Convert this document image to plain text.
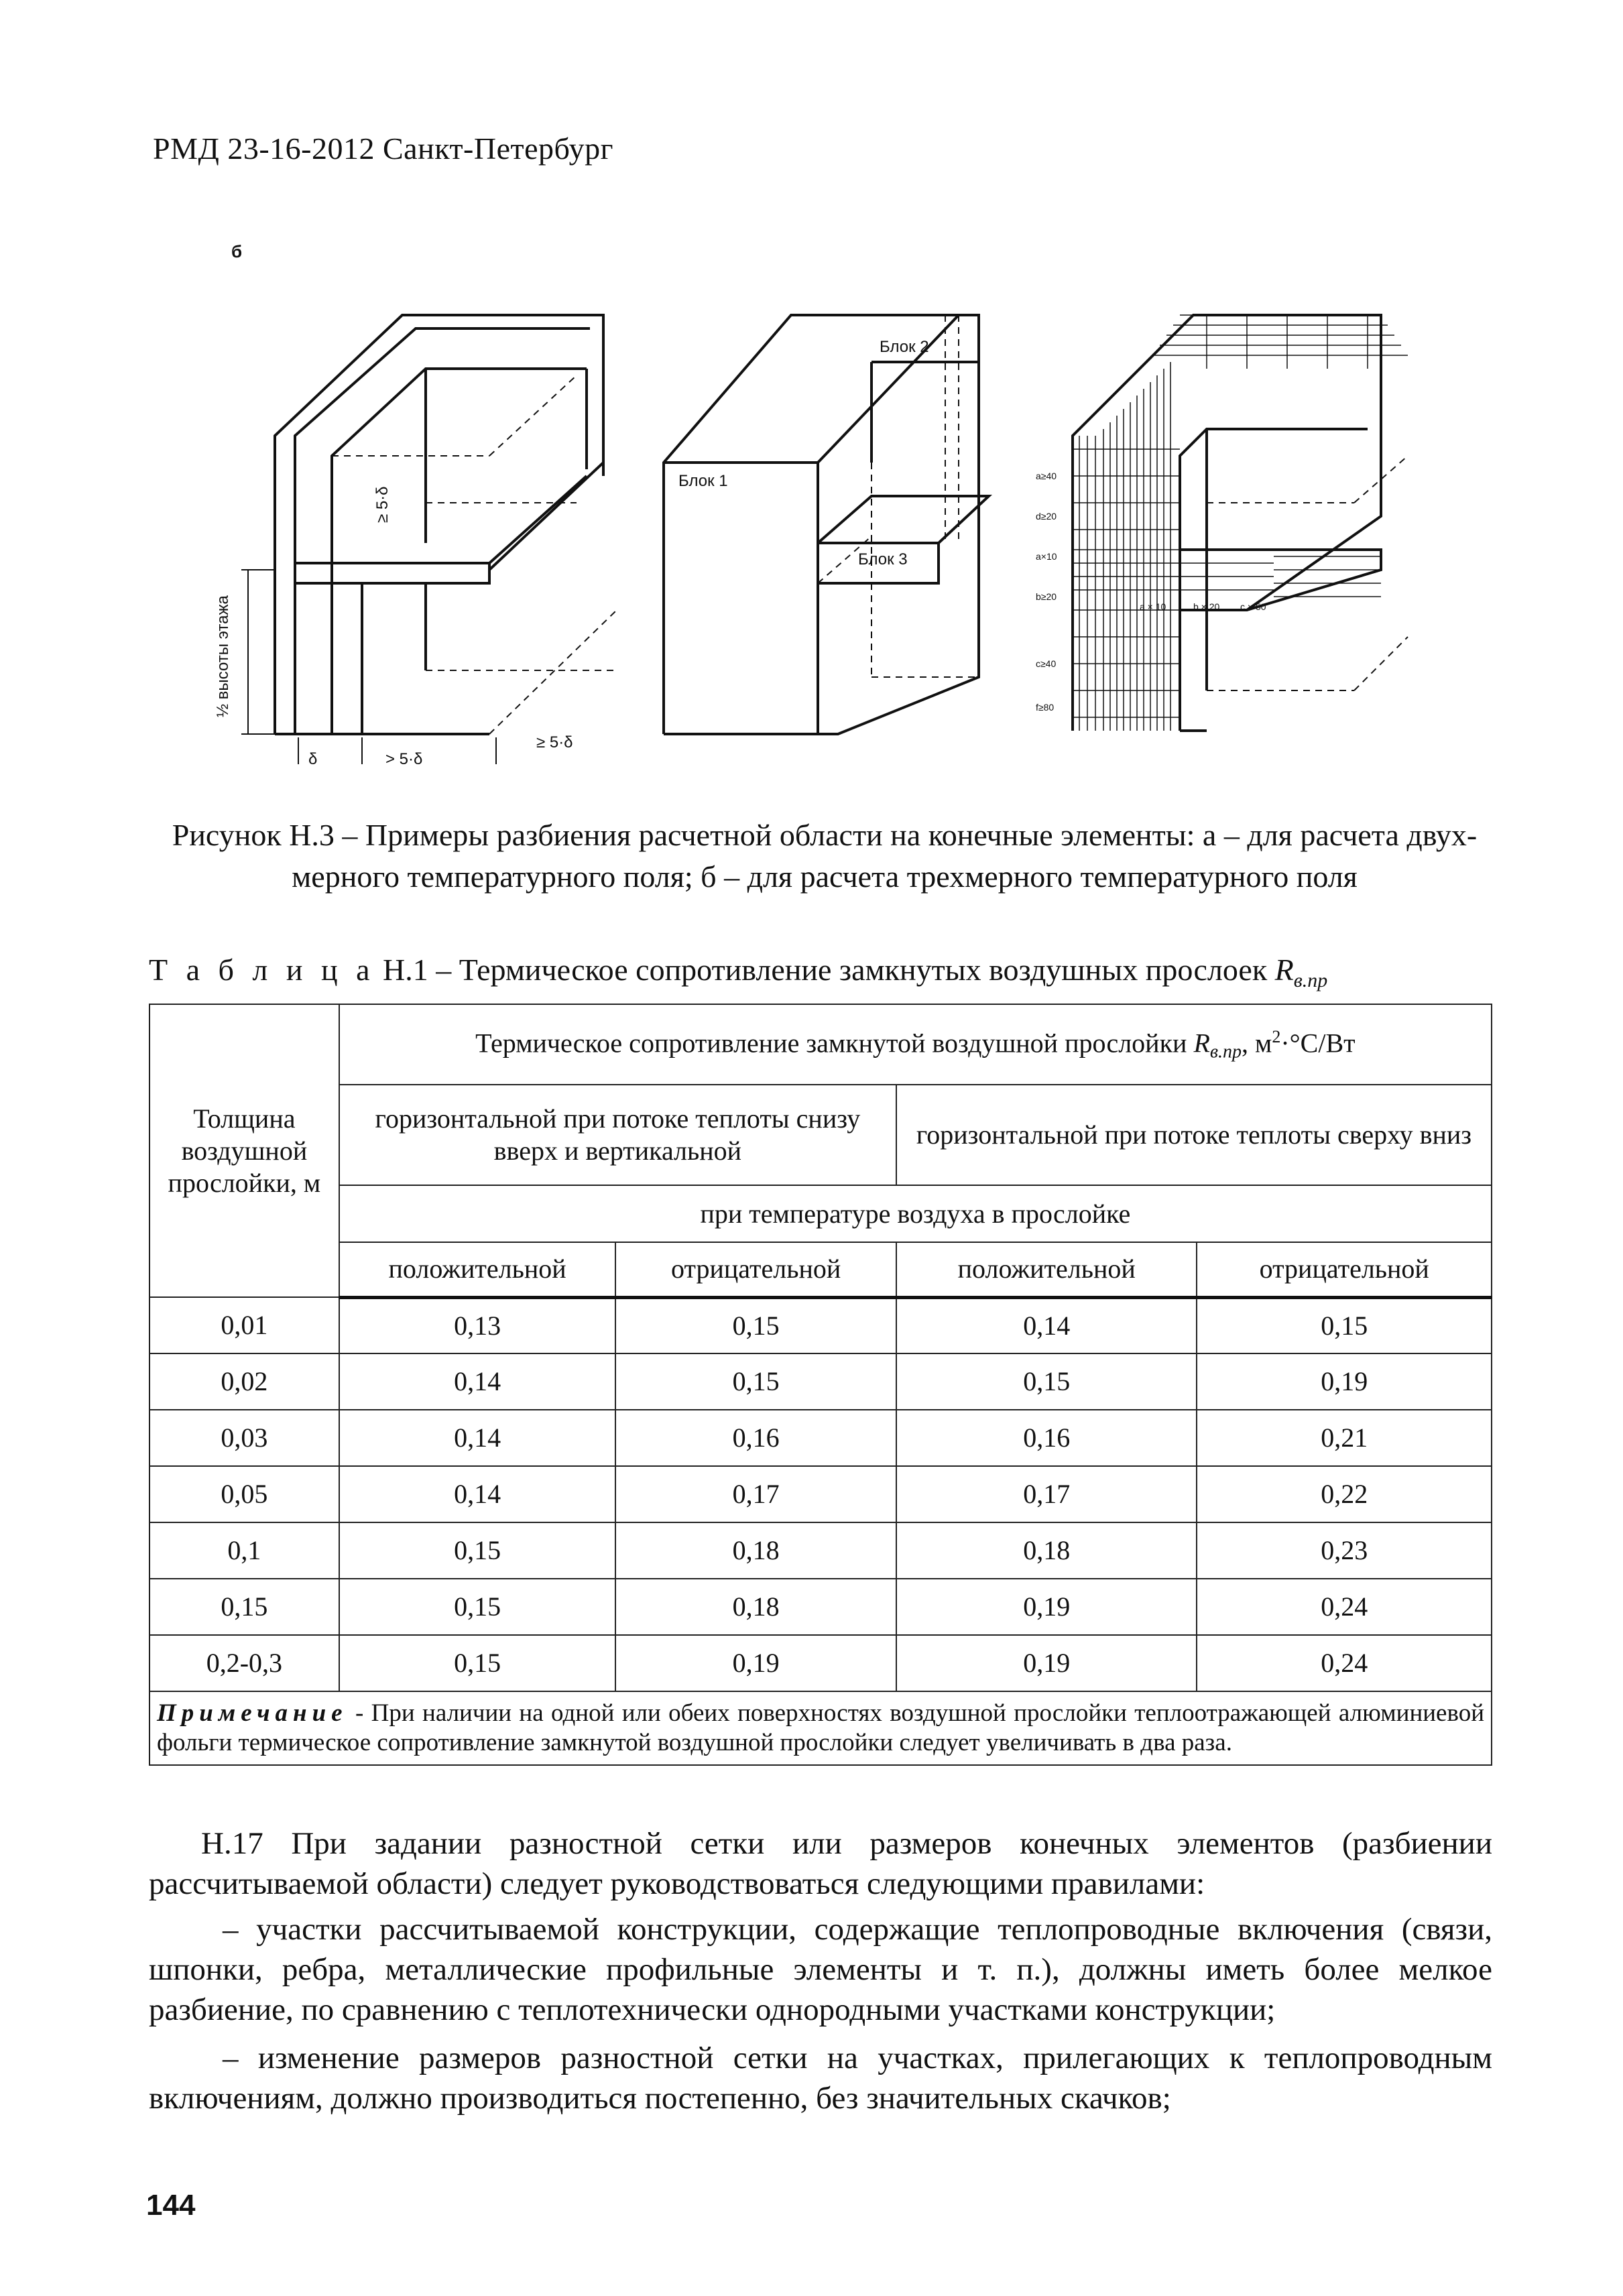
РМД 23-16-2012 Санкт-Петербург
б
½ высоты этажа
≥ 5·δ
δ	> 5·δ
≥ 5·δ
Блок 1
Блок 2
Блок 3
a≥40
d≥20
a×10
b≥20
c≥40
f≥80
a × 10	b × 20 c × 50
Рисунок Н.3 – Примеры разбиения расчетной области на конечные элементы: а – для расчета двух-мерного температурного поля; б – для расчета трехмерного температурного поля
Т а б л и ц а Н.1 – Термическое сопротивление замкнутых воздушных прослоек $R_{в.пр}$
Толщина воздушной прослойки, м	Термическое сопротивление замкнутой воздушной прослойки $R_{в.пр}$, $м^2\cdot^\circ С/Вт$			
	горизонтальной при потоке теплоты снизу вверх и вертикальной		горизонтальной при потоке теплоты сверху вниз	
	при температуре воздуха в прослойке			
	положительной	отрицательной	положительной	отрицательной
0,01	0,13	0,15	0,14	0,15
0,02	0,14	0,15	0,15	0,19
0,03	0,14	0,16	0,16	0,21
0,05	0,14	0,17	0,17	0,22
0,1	0,15	0,18	0,18	0,23
0,15	0,15	0,18	0,19	0,24
0,2-0,3	0,15	0,19	0,19	0,24
Примечание - При наличии на одной или обеих поверхностях воздушной прослойки теплоотражающей алюминиевой фольги термическое сопротивление замкнутой воздушной прослойки следует увеличивать в два раза.				
Н.17 При задании разностной сетки или размеров конечных элементов (разбиении рассчитываемой области) следует руководствоваться следующими правилами:
– участки рассчитываемой конструкции, содержащие теплопроводные включения (связи, шпонки, ребра, металлические профильные элементы и т. п.), должны иметь более мелкое разбиение, по сравнению с теплотехнически однородными участками конструкции;
– изменение размеров разностной сетки на участках, прилегающих к теплопроводным включениям, должно производиться постепенно, без значительных скачков;
144
